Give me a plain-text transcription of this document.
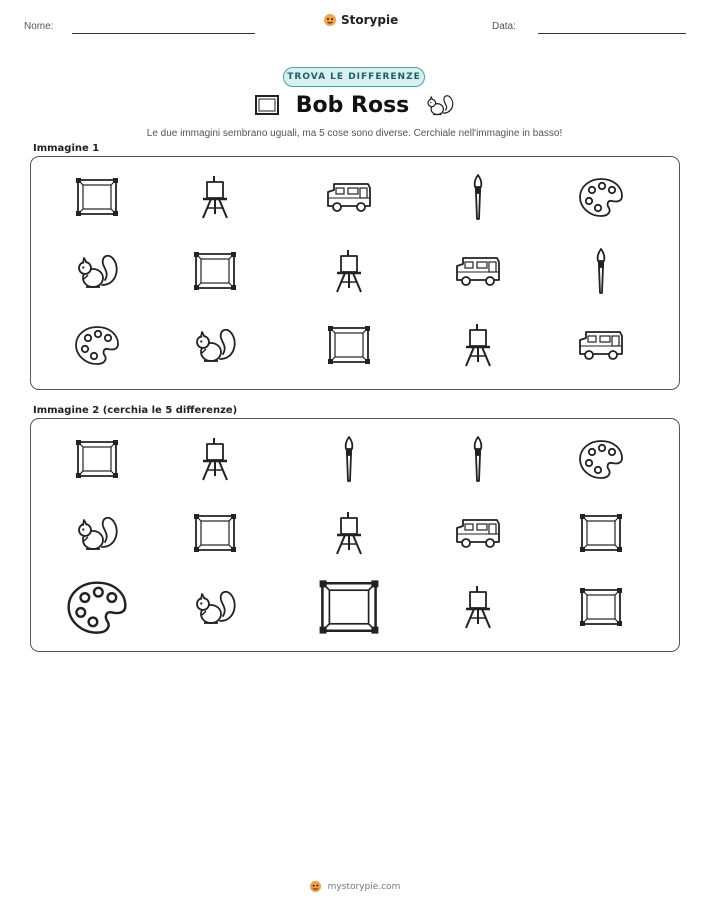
Nome:	Storypie	Data:
TROVA LE DIFFERENZE
Bob Ross
Le due immagini sembrano uguali, ma 5 cose sono diverse. Cerchiale nell'immagine in basso!
Immagine 1
Immagine 2 (cerchia le 5 differenze)
mystorypie.com
